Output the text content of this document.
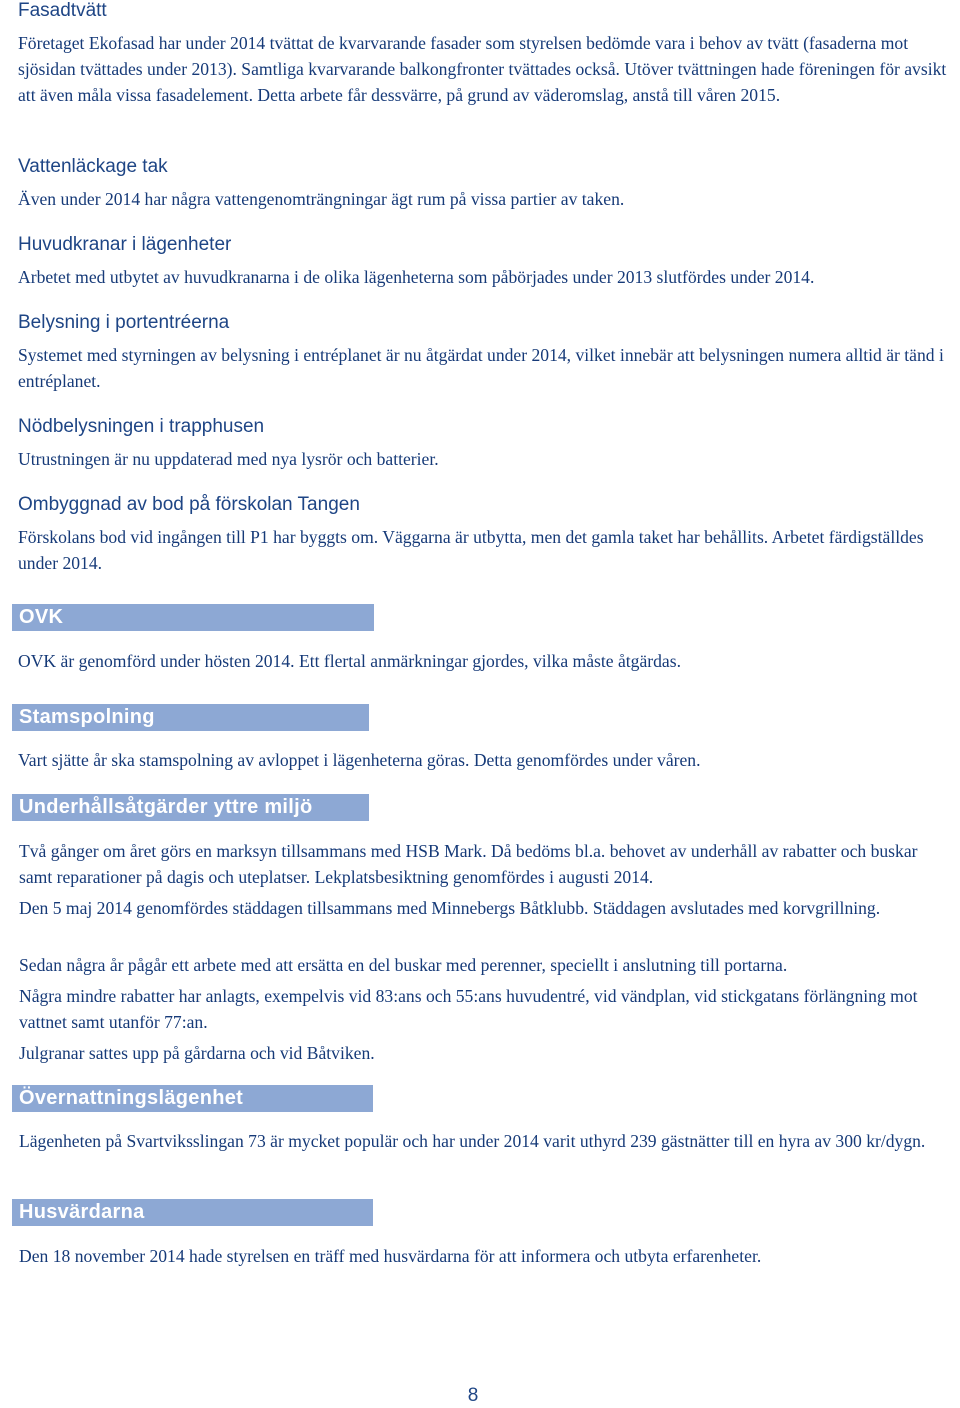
Fasadtvätt

Företaget Ekofasad har under 2014 tvättat de kvarvarande fasader som styrelsen bedömde vara i behov av tvätt (fasaderna mot sjösidan tvättades under 2013). Samtliga kvarvarande balkongfronter tvättades också. Utöver tvättningen hade föreningen för avsikt att även måla vissa fasadelement. Detta arbete får dessvärre, på grund av väderomslag, anstå till våren 2015.

Vattenläckage tak

Även under 2014 har några vattengenomträngningar ägt rum på vissa partier av taken.

Huvudkranar i lägenheter

Arbetet med utbytet av huvudkranarna i de olika lägenheterna som påbörjades under 2013 slutfördes under 2014.

Belysning i portentréerna

Systemet med styrningen av belysning i entréplanet är nu åtgärdat under 2014, vilket innebär att belysningen numera alltid är tänd i entréplanet.

Nödbelysningen i trapphusen

Utrustningen är nu uppdaterad med nya lysrör och batterier.

Ombyggnad av bod på förskolan Tangen

Förskolans bod vid ingången till P1 har byggts om. Väggarna är utbytta, men det gamla taket har behållits. Arbetet färdigställdes under 2014.

OVK

OVK är genomförd under hösten 2014. Ett flertal anmärkningar gjordes, vilka måste åtgärdas.

Stamspolning

Vart sjätte år ska stamspolning av avloppet i lägenheterna göras. Detta genomfördes under våren.

Underhållsåtgärder yttre miljö

Två gånger om året görs en marksyn tillsammans med HSB Mark. Då bedöms bl.a. behovet av underhåll av rabatter och buskar samt reparationer på dagis och uteplatser. Lekplatsbesiktning genomfördes i augusti 2014.

Den 5 maj 2014 genomfördes städdagen tillsammans med Minnebergs Båtklubb. Städdagen avslutades med korvgrillning.

Sedan några år pågår ett arbete med att ersätta en del buskar med perenner, speciellt i anslutning till portarna.

Några mindre rabatter har anlagts, exempelvis vid 83:ans och 55:ans huvudentré, vid vändplan, vid stickgatans förlängning mot vattnet samt utanför 77:an.

Julgranar sattes upp på gårdarna och vid Båtviken.

Övernattningslägenhet

Lägenheten på Svartviksslingan 73 är mycket populär och har under 2014 varit uthyrd 239 gästnätter till en hyra av 300 kr/dygn.

Husvärdarna

Den 18 november 2014 hade styrelsen en träff med husvärdarna för att informera och utbyta erfarenheter.

8
